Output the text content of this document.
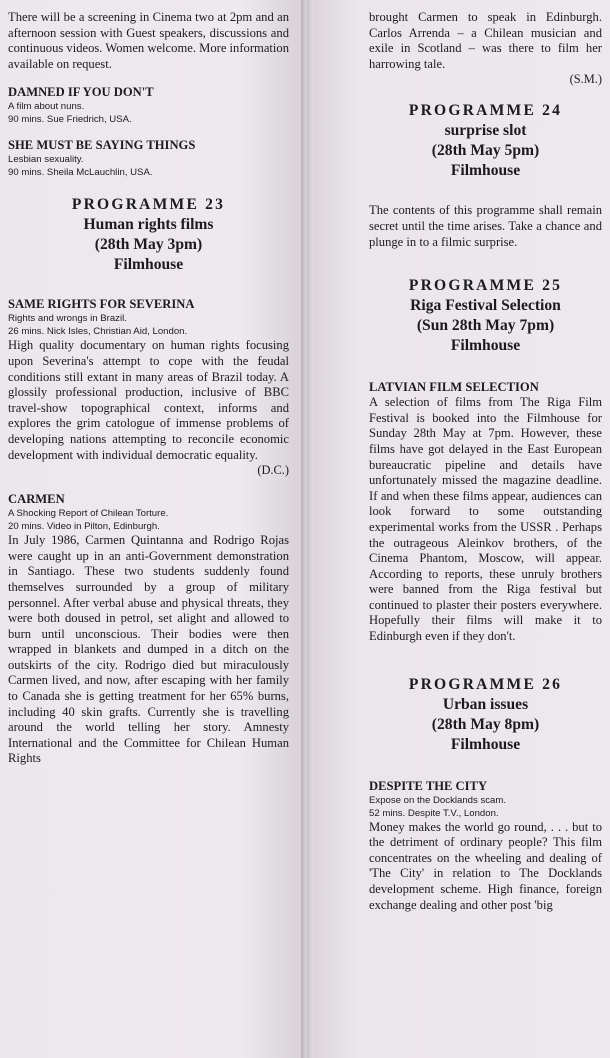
There will be a screening in Cinema two at 2pm and an afternoon session with Guest speakers, discussions and continuous videos. Women welcome. More information available on request.

DAMNED IF YOU DON'T

A film about nuns.

90 mins. Sue Friedrich, USA.

SHE MUST BE SAYING THINGS

Lesbian sexuality.

90 mins. Sheila McLauchlin, USA.

PROGRAMME 23
Human rights films
(28th May 3pm)
Filmhouse

SAME RIGHTS FOR SEVERINA

Rights and wrongs in Brazil.

26 mins. Nick Isles, Christian Aid, London.

High quality documentary on human rights focusing upon Severina's attempt to cope with the feudal conditions still extant in many areas of Brazil today. A glossily professional production, inclusive of BBC travel-show topographical context, informs and explores the grim catologue of immense problems of developing nations attempting to reconcile economic development with individual democratic equality.

(D.C.)

CARMEN

A Shocking Report of Chilean Torture.

20 mins. Video in Pilton, Edinburgh.

In July 1986, Carmen Quintanna and Rodrigo Rojas were caught up in an anti-Government demonstration in Santiago. These two students suddenly found themselves surrounded by a group of military personnel. After verbal abuse and physical threats, they were both doused in petrol, set alight and allowed to burn until unconscious. Their bodies were then wrapped in blankets and dumped in a ditch on the outskirts of the city. Rodrigo died but miraculously Carmen lived, and now, after escaping with her family to Canada she is getting treatment for her 65% burns, including 40 skin grafts. Currently she is travelling around the world telling her story. Amnesty International and the Committee for Chilean Human Rights

brought Carmen to speak in Edinburgh. Carlos Arrenda – a Chilean musician and exile in Scotland – was there to film her harrowing tale.

(S.M.)

PROGRAMME 24
surprise slot
(28th May 5pm)
Filmhouse

The contents of this programme shall remain secret until the time arises. Take a chance and plunge in to a filmic surprise.

PROGRAMME 25
Riga Festival Selection
(Sun 28th May 7pm)
Filmhouse

LATVIAN FILM SELECTION

A selection of films from The Riga Film Festival is booked into the Filmhouse for Sunday 28th May at 7pm. However, these films have got delayed in the East European bureaucratic pipeline and details have unfortunately missed the magazine deadline. If and when these films appear, audiences can look forward to some outstanding experimental works from the USSR . Perhaps the outrageous Aleinkov brothers, of the Cinema Phantom, Moscow, will appear. According to reports, these unruly brothers were banned from the Riga festival but continued to plaster their posters everywhere. Hopefully their films will make it to Edinburgh even if they don't.

PROGRAMME 26
Urban issues
(28th May 8pm)
Filmhouse

DESPITE THE CITY

Expose on the Docklands scam.

52 mins. Despite T.V., London.

Money makes the world go round, . . . but to the detriment of ordinary people? This film concentrates on the wheeling and dealing of 'The City' in relation to The Docklands development scheme. High finance, foreign exchange dealing and other post 'big
